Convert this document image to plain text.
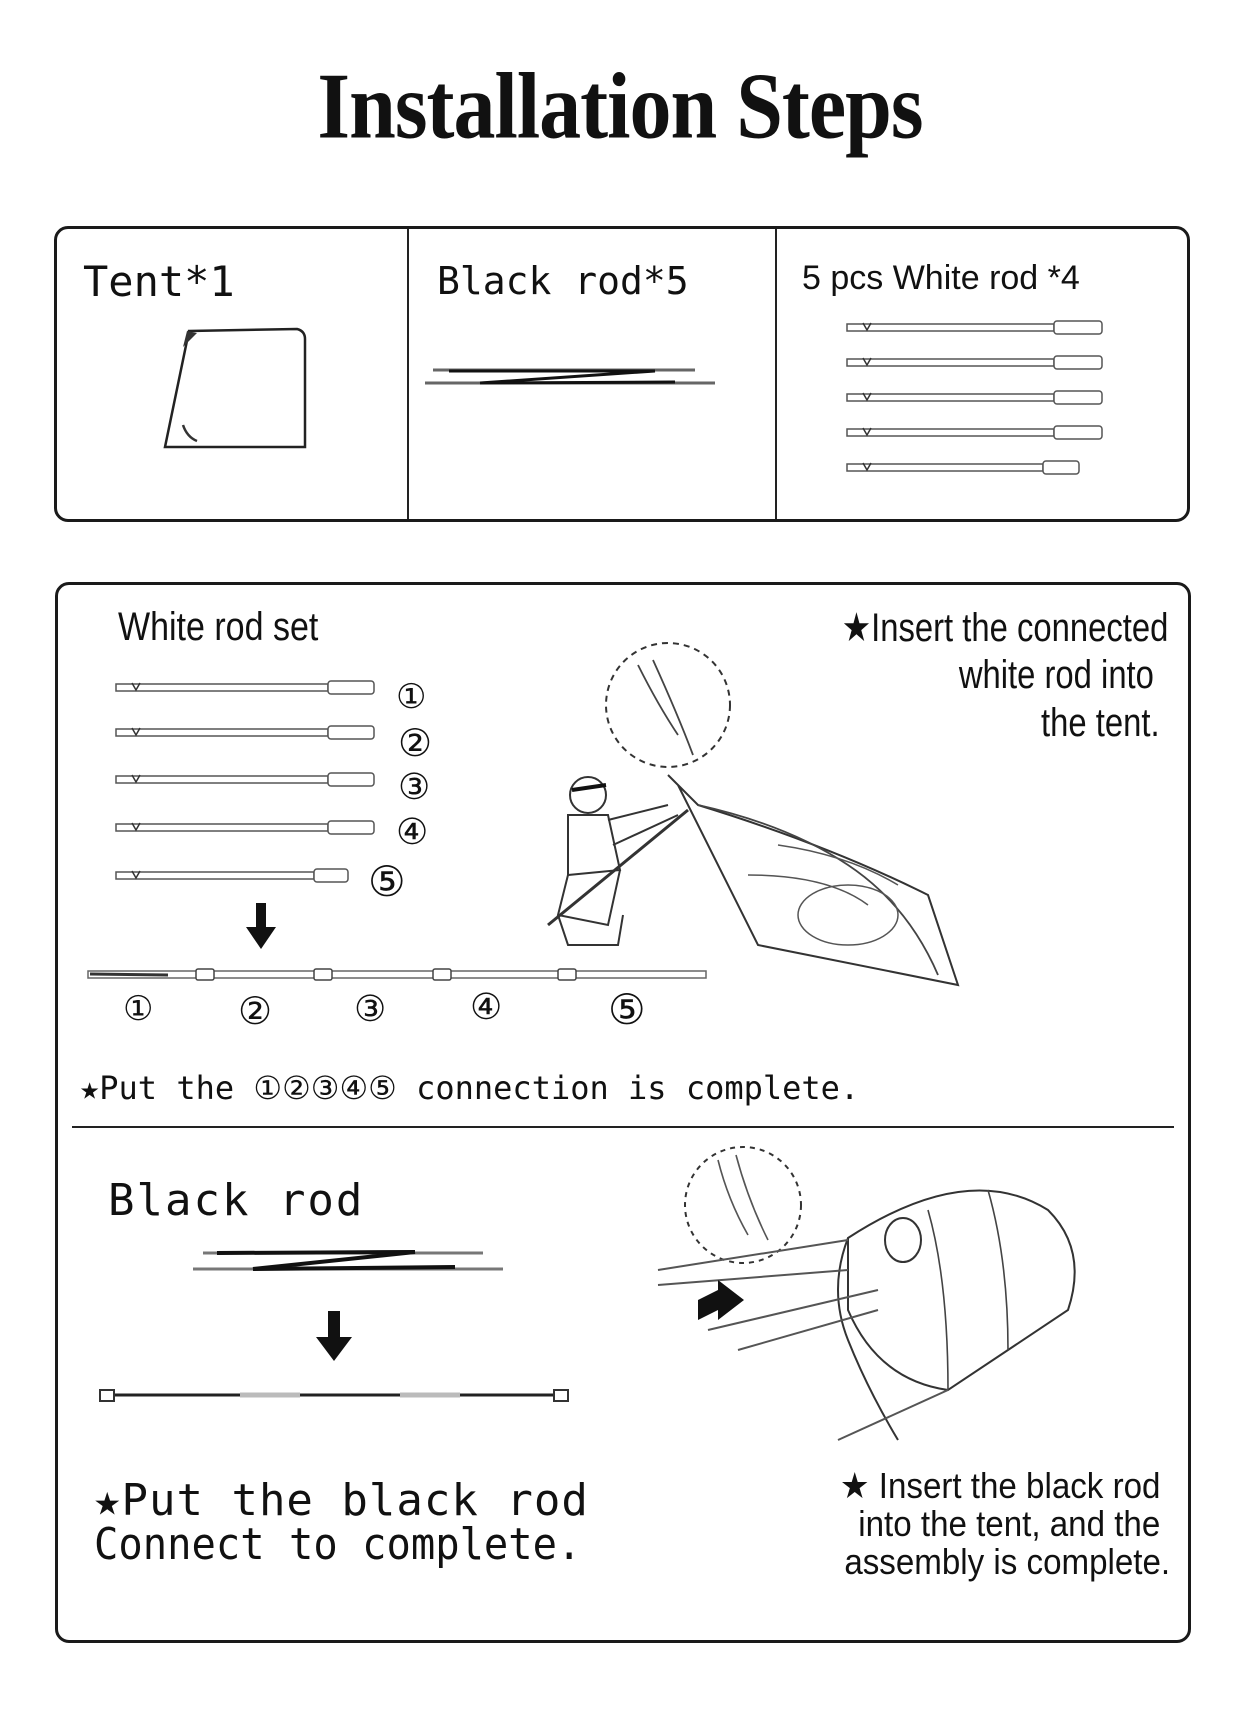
Installation Steps
Tent*1	Black rod*5	5 pcs White rod *4
White rod set
①
②
③
④
⑤
① ② ③ ④	⑤
★Put the ①②③④⑤ connection is complete.
★Insert the connected
white rod into
the tent.
Black rod
★Put the black rod
Connect to complete.
★ Insert the black rod
into the tent, and the
assembly is complete.
